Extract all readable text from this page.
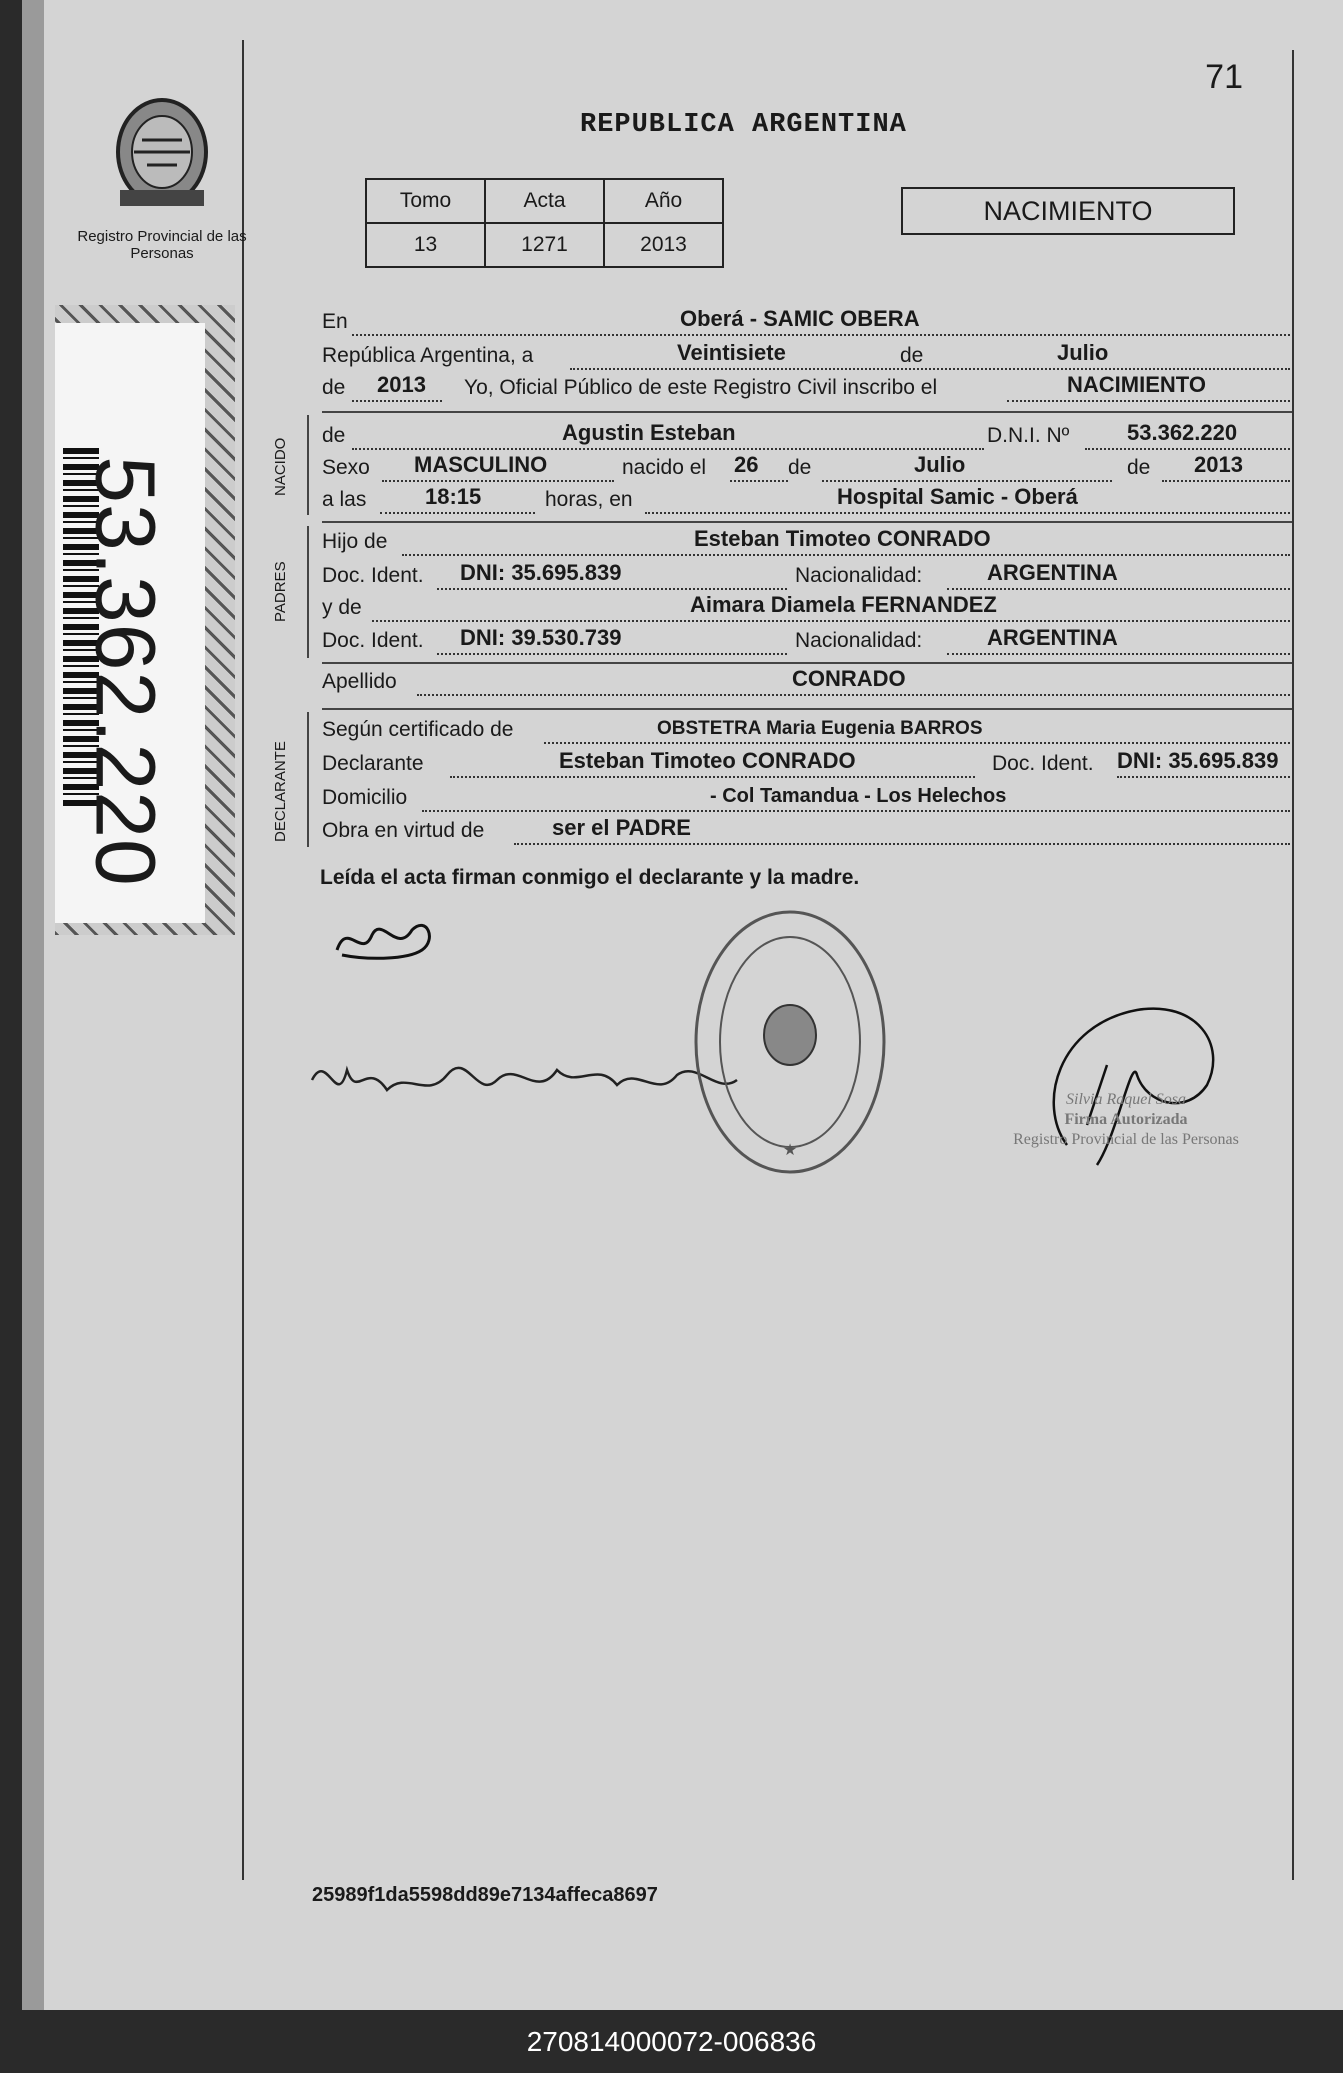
Registro Provincial de las Personas
53.362.220
71
REPUBLICA ARGENTINA
Tomo	Acta	Año
13	1271	2013
NACIMIENTO
En	Oberá - SAMIC OBERA
República Argentina, a	Veintisiete	de	Julio
de 2013 Yo, Oficial Público de este Registro Civil inscribo el	NACIMIENTO
NACIDO
de	Agustin Esteban	D.N.I. Nº	53.362.220
Sexo MASCULINO	nacido el 26 de	Julio	de 2013
a las	18:15	horas, en	Hospital Samic - Oberá
PADRES
Hijo de	Esteban Timoteo CONRADO
Doc. Ident. DNI: 35.695.839	Nacionalidad:	ARGENTINA
y de	Aimara Diamela FERNANDEZ
Doc. Ident. DNI: 39.530.739	Nacionalidad:	ARGENTINA
Apellido	CONRADO
DECLARANTE
Según certificado de	OBSTETRA Maria Eugenia BARROS
Declarante	Esteban Timoteo CONRADO	Doc. Ident. DNI: 35.695.839
Domicilio	- Col Tamandua - Los Helechos
Obra en virtud de	ser el PADRE
Leída el acta firman conmigo el declarante y la madre.
★
Silvia Raquel Sosa
Firma Autorizada
Registro Provincial de las Personas
25989f1da5598dd89e7134affeca8697
270814000072-006836
